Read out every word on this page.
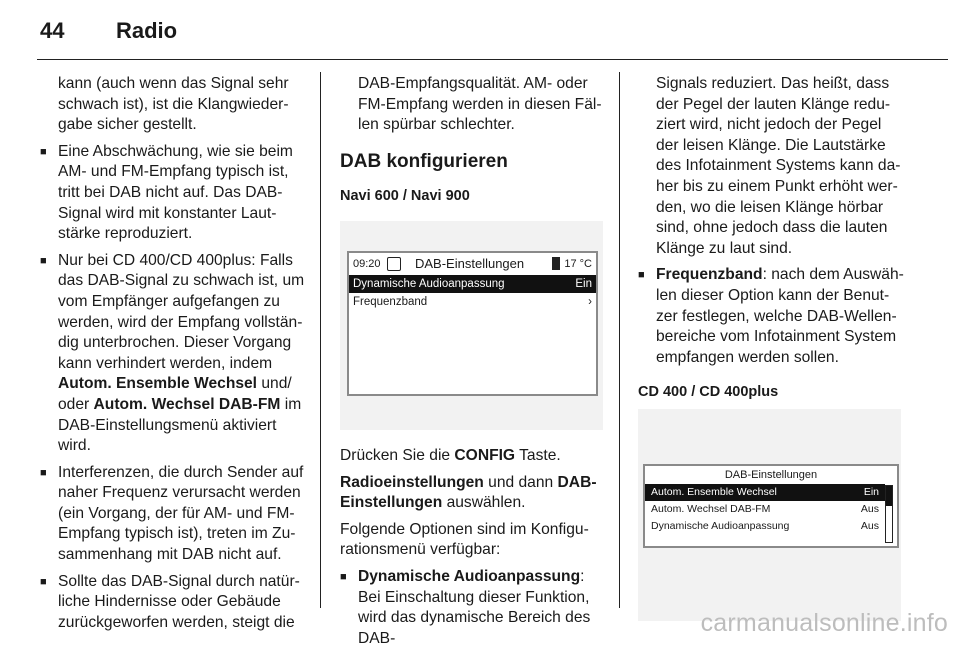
44	Radio

kann (auch wenn das Signal sehr schwach ist), ist die Klangwieder-gabe sicher gestellt.

■ Eine Abschwächung, wie sie beim AM- und FM-Empfang typisch ist, tritt bei DAB nicht auf. Das DAB-Signal wird mit konstanter Laut-stärke reproduziert.
■ Nur bei CD 400/CD 400plus: Falls das DAB-Signal zu schwach ist, um vom Empfänger aufgefangen zu werden, wird der Empfang vollstän-dig unterbrochen. Dieser Vorgang kann verhindert werden, indem Autom. Ensemble Wechsel und/ oder Autom. Wechsel DAB-FM im DAB-Einstellungsmenü aktiviert wird.
■ Interferenzen, die durch Sender auf naher Frequenz verursacht werden (ein Vorgang, der für AM- und FM-Empfang typisch ist), treten im Zu-sammenhang mit DAB nicht auf.
■ Sollte das DAB-Signal durch natür-liche Hindernisse oder Gebäude zurückgeworfen werden, steigt die

DAB-Empfangsqualität. AM- oder FM-Empfang werden in diesen Fäl-len spürbar schlechter.

DAB konfigurieren
Navi 600 / Navi 900
09:20	DAB-Einstellungen	17 °C
Dynamische Audioanpassung	Ein
Frequenzband	›

Drücken Sie die CONFIG Taste.

Radioeinstellungen und dann DAB-Einstellungen auswählen.

Folgende Optionen sind im Konfigu-rationsmenü verfügbar:

■ Dynamische Audioanpassung: Bei Einschaltung dieser Funktion, wird das dynamische Bereich des DAB-

Signals reduziert. Das heißt, dass der Pegel der lauten Klänge redu-ziert wird, nicht jedoch der Pegel der leisen Klänge. Die Lautstärke des Infotainment Systems kann da-her bis zu einem Punkt erhöht wer-den, wo die leisen Klänge hörbar sind, ohne jedoch dass die lauten Klänge zu laut sind.

■ Frequenzband: nach dem Auswäh-len dieser Option kann der Benut-zer festlegen, welche DAB-Wellen-bereiche vom Infotainment System empfangen werden sollen.
CD 400 / CD 400plus
DAB-Einstellungen
Autom. Ensemble Wechsel	Ein
Autom. Wechsel DAB-FM	Aus
Dynamische Audioanpassung	Aus
carmanualsonline.info
